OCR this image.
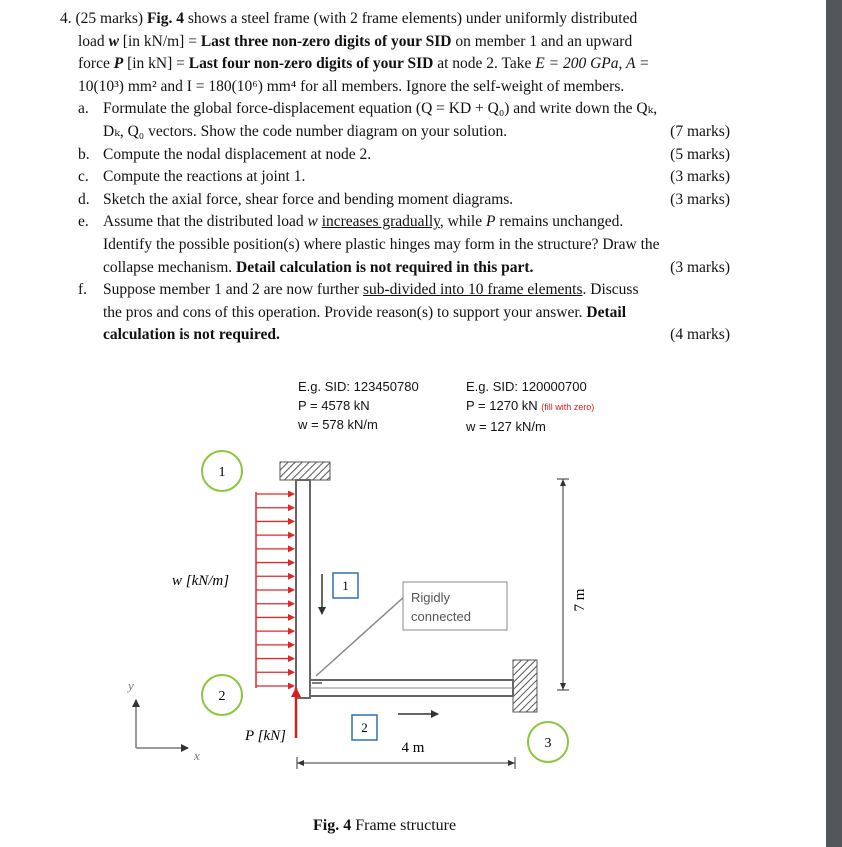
4. (25 marks) Fig. 4 shows a steel frame (with 2 frame elements) under uniformly distributed
load w [in kN/m] = Last three non-zero digits of your SID on member 1 and an upward
force P [in kN] = Last four non-zero digits of your SID at node 2. Take E = 200 GPa, A =
10(10³) mm² and I = 180(10⁶) mm⁴ for all members. Ignore the self-weight of members.
a. Formulate the global force-displacement equation (Q = KD + Q₀) and write down the Qₖ,
Dₖ, Q₀ vectors. Show the code number diagram on your solution.	(7 marks)
b. Compute the nodal displacement at node 2.	(5 marks)
c. Compute the reactions at joint 1.	(3 marks)
d. Sketch the axial force, shear force and bending moment diagrams.	(3 marks)
e. Assume that the distributed load w increases gradually, while P remains unchanged.
Identify the possible position(s) where plastic hinges may form in the structure? Draw the
collapse mechanism. Detail calculation is not required in this part.	(3 marks)
f. Suppose member 1 and 2 are now further sub-divided into 10 frame elements. Discuss
the pros and cons of this operation. Provide reason(s) to support your answer. Detail
calculation is not required.	(4 marks)
E.g. SID: 123450780
P = 4578 kN
w = 578 kN/m
E.g. SID: 120000700
P = 1270 kN (fill with zero)
w = 127 kN/m
1
2
3
1
2
w [kN/m]
P [kN]
Rigidly
connected
4 m
7 m
y
x
Fig. 4 Frame structure
